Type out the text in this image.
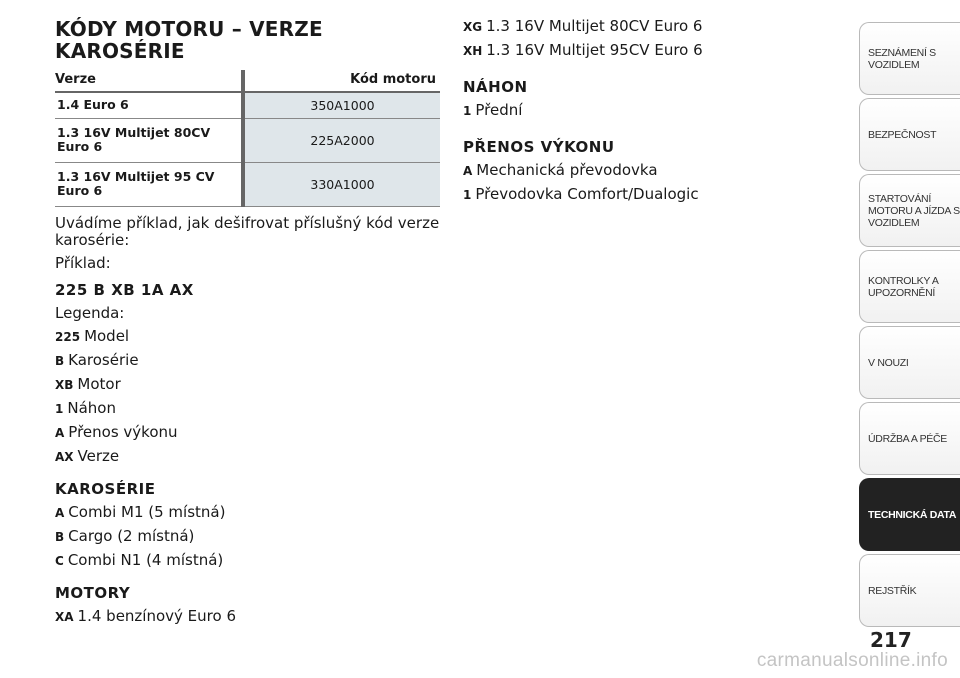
KÓDY MOTORU – VERZE
KAROSÉRIE
Verze	Kód motoru

1.4 Euro 6	350A1000

1.3 16V Multijet 80CV
Euro 6	225A2000

1.3 16V Multijet 95 CV
Euro 6	330A1000
Uvádíme příklad, jak dešifrovat příslušný kód verze
karosérie:
Příklad:
225 B XB 1A AX
Legenda:
225 Model
B Karosérie
XB Motor
1 Náhon
A Přenos výkonu
AX Verze
KAROSÉRIE
A Combi M1 (5 místná)
B Cargo (2 místná)
C Combi N1 (4 místná)
MOTORY
XA 1.4 benzínový Euro 6
XG 1.3 16V Multijet 80CV Euro 6
XH 1.3 16V Multijet 95CV Euro 6
NÁHON
1 Přední
PŘENOS VÝKONU
A Mechanická převodovka
1 Převodovka Comfort/Dualogic
SEZNÁMENÍ S
VOZIDLEM
BEZPEČNOST
STARTOVÁNÍ
MOTORU A JÍZDA S
VOZIDLEM
KONTROLKY A
UPOZORNĚNÍ
V NOUZI
ÚDRŽBA A PÉČE
TECHNICKÁ DATA
REJSTŘÍK
217
carmanualsonline.info
